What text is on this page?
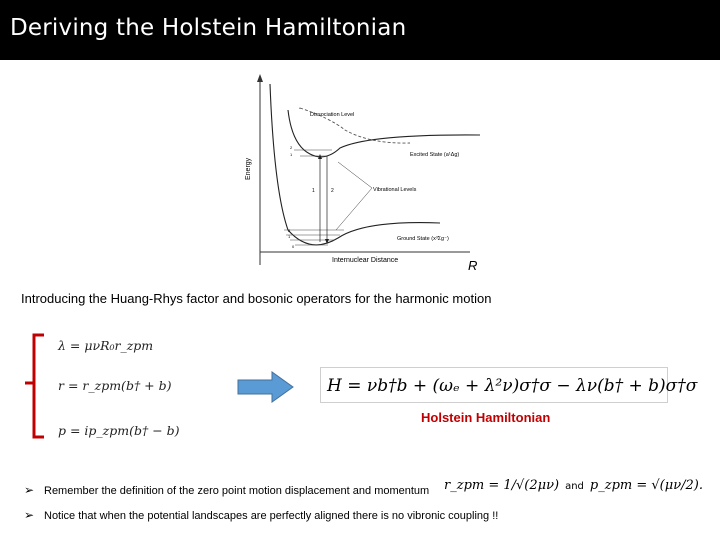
Deriving the Holstein Hamiltonian
Energy
Internuclear Distance	R
Dissociation Level
*
Excited State (a¹Δg)
2
1
2
1
0
Ground State (x³Σg⁻)
1	2	Vibrational Levels
Introducing the Huang-Rhys factor and bosonic operators for the harmonic motion
λ = μνR₀r_zpm
r = r_zpm(b† + b)
p = ip_zpm(b† − b)
H = νb†b + (ωₑ + λ²ν)σ†σ − λν(b† + b)σ†σ
Holstein Hamiltonian
➢ Remember the definition of the zero point motion displacement and momentum
➢ Notice that when the potential landscapes are perfectly aligned there is no vibronic coupling !!
r_zpm = 1/√(2μν) and p_zpm = √(μν/2).
